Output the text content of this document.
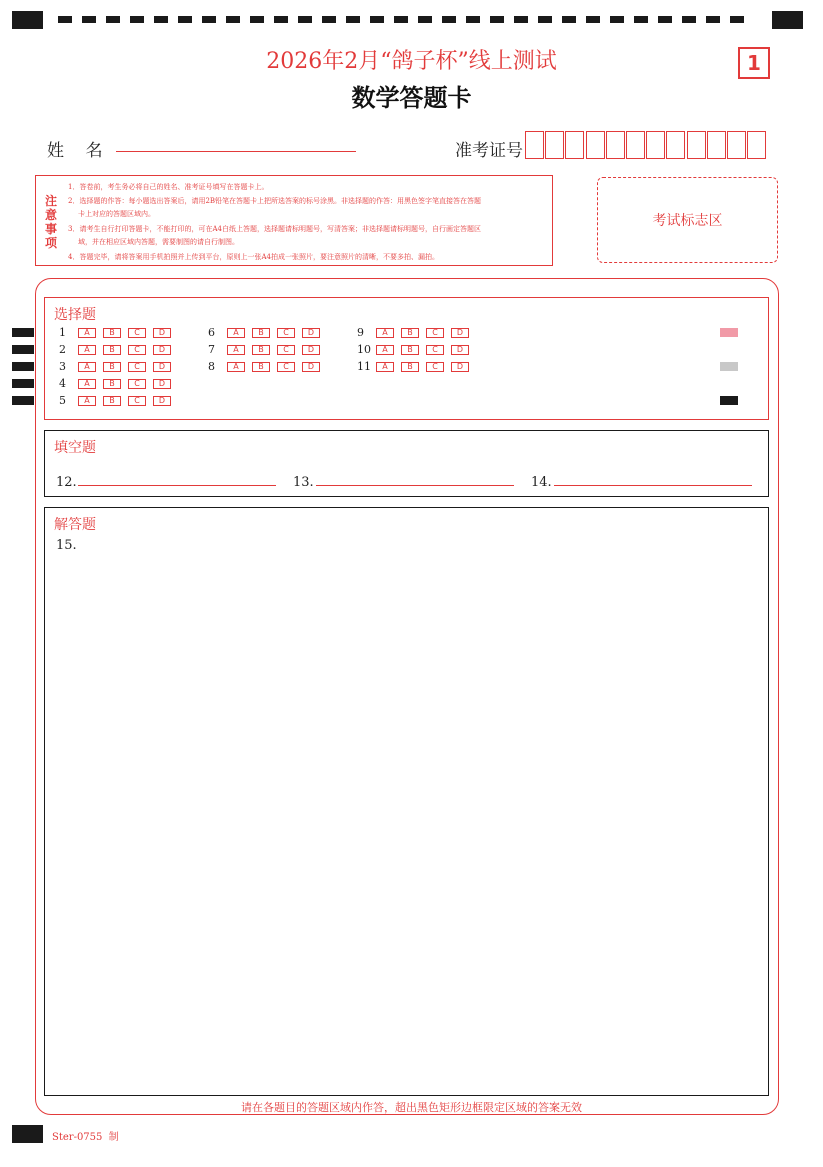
2026年2月“鸽子杯”线上测试
数学答题卡
1
姓    名	准考证号
注意事项
1．答卷前，考生务必将自己的姓名、准考证号填写在答题卡上。
2．选择题的作答：每小题选出答案后，请用2B铅笔在答题卡上把所选答案的标号涂黑。非选择题的作答：用黑色签字笔直接答在答题
卡上对应的答题区域内。
3．请考生自行打印答题卡，不能打印的，可在A4白纸上答题，选择题请标明题号，写清答案；非选择题请标明题号，自行画定答题区
域，并在相应区域内答题，需要制图的请自行制图。
4．答题完毕，请将答案用手机拍照并上传到平台，原则上一张A4拍成一张照片，要注意照片的清晰，不要多拍、漏拍。
考试标志区
选择题
1	A	B	C	D
2	A	B	C	D
3	A	B	C	D
4	A	B	C	D
5	A	B	C	D
6	A	B	C	D
7	A	B	C	D
8	A	B	C	D
9	A	B	C	D
10	A	B	C	D
11	A	B	C	D
填空题
12.	13.	14.
解答题
15.
请在各题目的答题区域内作答，超出黑色矩形边框限定区域的答案无效
Ster-0755  制
